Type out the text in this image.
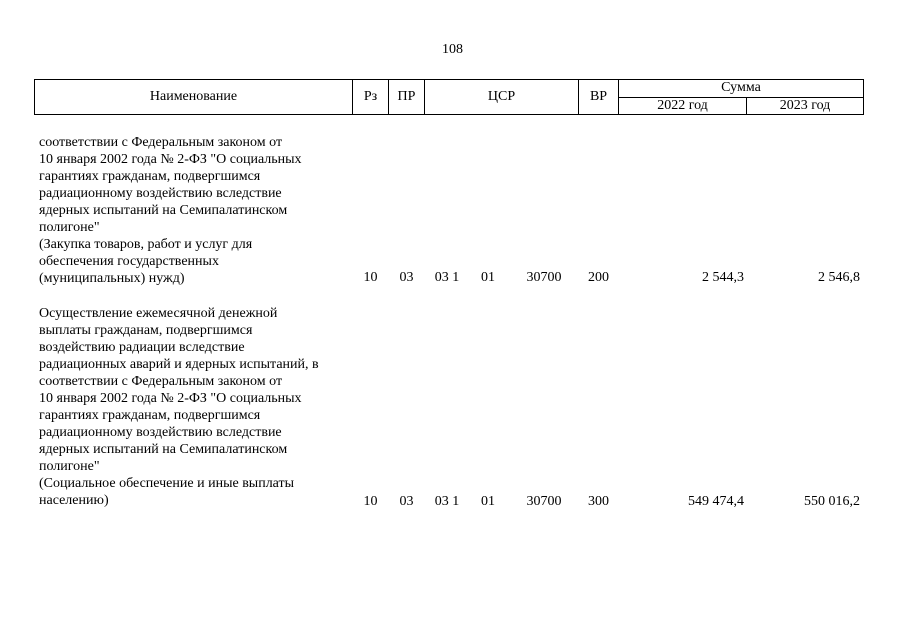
108
Наименование	Рз	ПР	ЦСР	ВР
Сумма
2022 год	2023 год
соответствии с Федеральным законом от
10 января 2002 года № 2-ФЗ "О социальных
гарантиях гражданам, подвергшимся
радиационному воздействию вследствие
ядерных испытаний на Семипалатинском
полигоне"
(Закупка товаров, работ и услуг для
обеспечения государственных
(муниципальных) нужд)	10	03	03 1	01	30700	200	2 544,3	2 546,8
Осуществление ежемесячной денежной
выплаты гражданам, подвергшимся
воздействию радиации вследствие
радиационных аварий и ядерных испытаний, в
соответствии с Федеральным законом от
10 января 2002 года № 2-ФЗ "О социальных
гарантиях гражданам, подвергшимся
радиационному воздействию вследствие
ядерных испытаний на Семипалатинском
полигоне"
(Социальное обеспечение и иные выплаты
населению)	10	03	03 1	01	30700	300	549 474,4	550 016,2
